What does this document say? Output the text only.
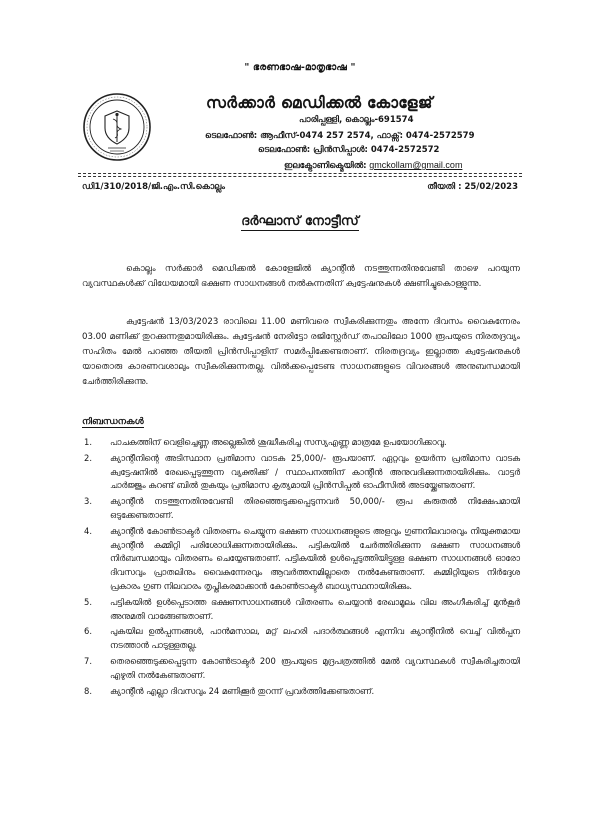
" ഭരണഭാഷ-മാതൃഭാഷ "
സർക്കാർ മെഡിക്കൽ കോളേജ്
പാരിപ്പള്ളി, കൊല്ലം-691574
ടെലഫോൺ: ആഫീസ്-0474 257 2574, ഫാക്സ്: 0474-2572579
ടെലഫോൺ: പ്രിൻസിപ്പാൾ: 0474-2572572
ഇലക്ട്രോണിക്മെയിൽ: gmckollam@gmail.com
ഡി1/310/2018/ജി.എം.സി.കൊല്ലം	തീയതി : 25/02/2023
ദർഘാസ് നോട്ടീസ്

കൊല്ലം സർക്കാർ മെഡിക്കൽ കോളേജിൽ ക്യാന്റീൻ നടത്തുന്നതിനുവേണ്ടി താഴെ പറയുന്ന വ്യവസ്ഥകൾക്ക് വിധേയമായി ഭക്ഷണ സാധനങ്ങൾ നൽകുന്നതിന് ക്വട്ടേഷനുകൾ ക്ഷണിച്ചുകൊള്ളുന്നു.

ക്വട്ടേഷൻ 13/03/2023 രാവിലെ 11.00 മണിവരെ സ്വീകരിക്കുന്നതും അന്നേ ദിവസം വൈകുന്നേരം 03.00 മണിക്ക് തുറക്കുന്നതുമായിരിക്കും. ക്വട്ടേഷൻ നേരിട്ടോ രജിസ്റ്റേർഡ് തപാലിലോ 1000 രൂപയുടെ നിരതദ്രവ്യം സഹിതം മേൽ പറഞ്ഞ തീയതി പ്രിൻസിപ്പാളിന് സമർപ്പിക്കേണ്ടതാണ്. നിരതദ്രവ്യം ഇല്ലാത്ത ക്വട്ടേഷനുകൾ യാതൊരു കാരണവശാലും സ്വീകരിക്കുന്നതല്ല. വിൽക്കപ്പെടേണ്ട സാധനങ്ങളുടെ വിവരങ്ങൾ അനുബന്ധമായി ചേർത്തിരിക്കുന്നു.

നിബന്ധനകൾ
1. പാചകത്തിന് വെളിച്ചെണ്ണ അല്ലെങ്കിൽ ശുദ്ധീകരിച്ച സസ്യഎണ്ണ മാത്രമേ ഉപയോഗിക്കാവൂ.
2. ക്യാന്റീനിന്റെ അടിസ്ഥാന പ്രതിമാസ വാടക 25,000/- രൂപയാണ്. ഏറ്റവും ഉയർന്ന പ്രതിമാസ വാടക ക്വട്ടേഷനിൽ രേഖപ്പെടുത്തുന്ന വ്യക്തിക്ക് / സ്ഥാപനത്തിന് കാന്റീൻ അനുവദിക്കുന്നതായിരിക്കും. വാട്ടർ ചാർജ്ജും കറണ്ട് ബിൽ തുകയും പ്രതിമാസ കൃത്യമായി പ്രിൻസിപ്പൽ ഓഫീസിൽ അടയ്ക്കേണ്ടതാണ്.
3. ക്യാന്റീൻ നടത്തുന്നതിനുവേണ്ടി തിരഞ്ഞെടുക്കപ്പെടുന്നവർ 50,000/- രൂപ കരുതൽ നിക്ഷേപമായി ഒടുക്കേണ്ടതാണ്.
4. ക്യാന്റീൻ കോൺട്രാക്ടർ വിതരണം ചെയ്യുന്ന ഭക്ഷണ സാധനങ്ങളുടെ അളവും ഗുണനിലവാരവും നിയുക്തമായ ക്യാന്റീൻ കമ്മിറ്റി പരിശോധിക്കുന്നതായിരിക്കും. പട്ടികയിൽ ചേർത്തിരിക്കുന്ന ഭക്ഷണ സാധനങ്ങൾ നിർബന്ധമായും വിതരണം ചെയ്യേണ്ടതാണ്. പട്ടികയിൽ ഉൾപ്പെടുത്തിയിട്ടുള്ള ഭക്ഷണ സാധനങ്ങൾ ഓരോ ദിവസവും പ്രാതലിനും വൈകുന്നേരവും ആവർത്തനമില്ലാതെ നൽകേണ്ടതാണ്. കമ്മിറ്റിയുടെ നിർദ്ദേശ പ്രകാരം ഗുണ നിലവാരം തൃപ്തികരമാക്കാൻ കോൺട്രാക്ടർ ബാധ്യസ്ഥനായിരിക്കും.
5. പട്ടികയിൽ ഉൾപ്പെടാത്ത ഭക്ഷണസാധനങ്ങൾ വിതരണം ചെയ്യാൻ രേഖാമൂലം വില അംഗീകരിച്ച് മുൻകൂർ അനുമതി വാങ്ങേണ്ടതാണ്.
6. പുകയില ഉൽപ്പന്നങ്ങൾ, പാൻമസാല, മറ്റ് ലഹരി പദാർത്ഥങ്ങൾ എന്നിവ ക്യാന്റീനിൽ വെച്ച് വിൽപ്പന നടത്താൻ പാടുള്ളതല്ല.
7. തെരഞ്ഞെടുക്കപ്പെടുന്ന കോൺട്രാക്ടർ 200 രൂപയുടെ മുദ്രപത്രത്തിൽ മേൽ വ്യവസ്ഥകൾ സ്വീകരിച്ചതായി എഴുതി നൽകേണ്ടതാണ്.
8. ക്യാന്റീൻ എല്ലാ ദിവസവും 24 മണിക്കൂർ തുറന്ന് പ്രവർത്തിക്കേണ്ടതാണ്.
